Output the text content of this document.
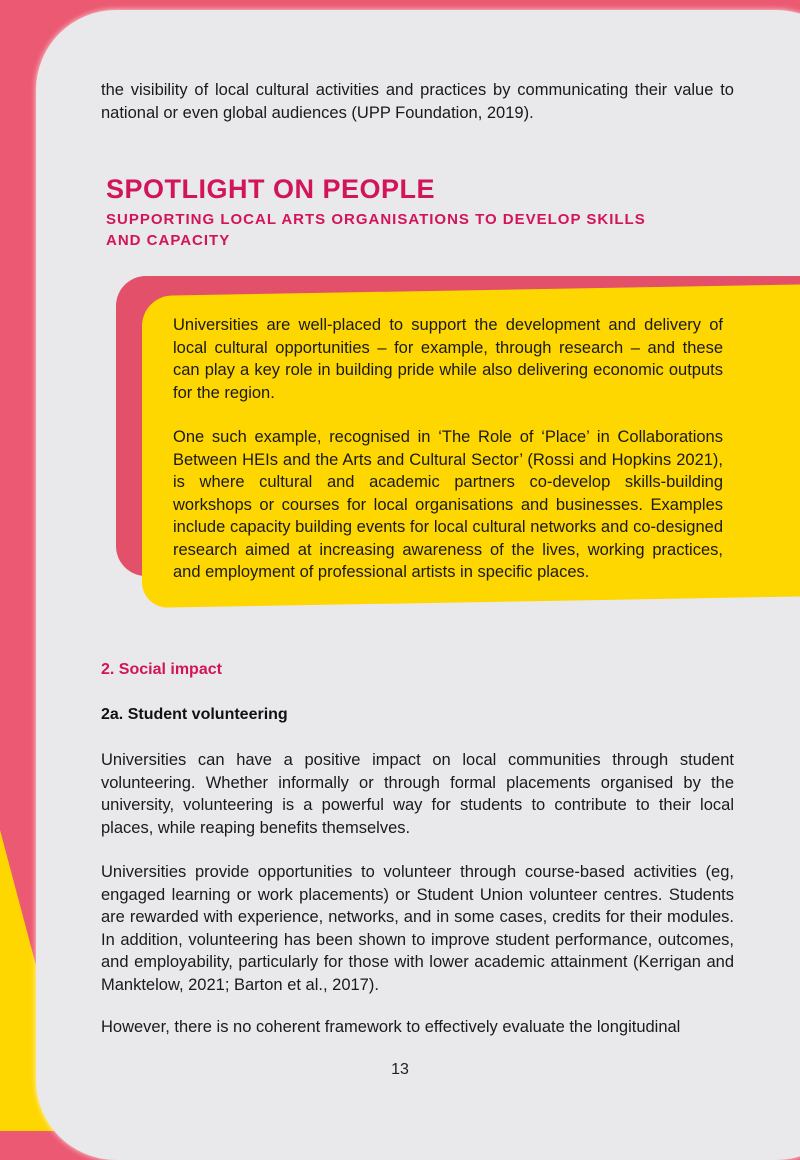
the visibility of local cultural activities and practices by communicating their value to national or even global audiences (UPP Foundation, 2019).

SPOTLIGHT ON PEOPLE
SUPPORTING LOCAL ARTS ORGANISATIONS TO DEVELOP SKILLS AND CAPACITY

Universities are well-placed to support the development and delivery of local cultural opportunities – for example, through research – and these can play a key role in building pride while also delivering economic outputs for the region.

One such example, recognised in ‘The Role of ‘Place’ in Collaborations Between HEIs and the Arts and Cultural Sector’ (Rossi and Hopkins 2021), is where cultural and academic partners co-develop skills-building workshops or courses for local organisations and businesses. Examples include capacity building events for local cultural networks and co-designed research aimed at increasing awareness of the lives, working practices, and employment of professional artists in specific places.

2. Social impact
2a. Student volunteering

Universities can have a positive impact on local communities through student volunteering. Whether informally or through formal placements organised by the university, volunteering is a powerful way for students to contribute to their local places, while reaping benefits themselves.

Universities provide opportunities to volunteer through course-based activities (eg, engaged learning or work placements) or Student Union volunteer centres. Students are rewarded with experience, networks, and in some cases, credits for their modules. In addition, volunteering has been shown to improve student performance, outcomes, and employability, particularly for those with lower academic attainment (Kerrigan and Manktelow, 2021; Barton et al., 2017).

However, there is no coherent framework to effectively evaluate the longitudinal

13
